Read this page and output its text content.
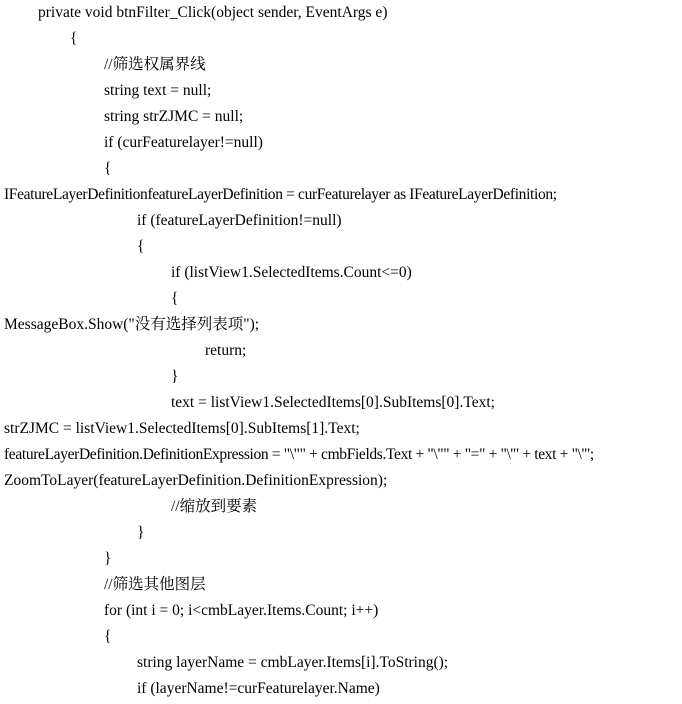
private void btnFilter_Click(object sender, EventArgs e)
{
//筛选权属界线
string text = null;
string strZJMC = null;
if (curFeaturelayer!=null)
{
IFeatureLayerDefinitionfeatureLayerDefinition = curFeaturelayer as IFeatureLayerDefinition;
if (featureLayerDefinition!=null)
{
if (listView1.SelectedItems.Count<=0)
{
MessageBox.Show("没有选择列表项");
return;
}
text = listView1.SelectedItems[0].SubItems[0].Text;
strZJMC = listView1.SelectedItems[0].SubItems[1].Text;
featureLayerDefinition.DefinitionExpression = "\"" + cmbFields.Text + "\"" + "=" + "\'" + text + "\'";
ZoomToLayer(featureLayerDefinition.DefinitionExpression);
//缩放到要素
}
}
//筛选其他图层
for (int i = 0; i<cmbLayer.Items.Count; i++)
{
string layerName = cmbLayer.Items[i].ToString();
if (layerName!=curFeaturelayer.Name)
